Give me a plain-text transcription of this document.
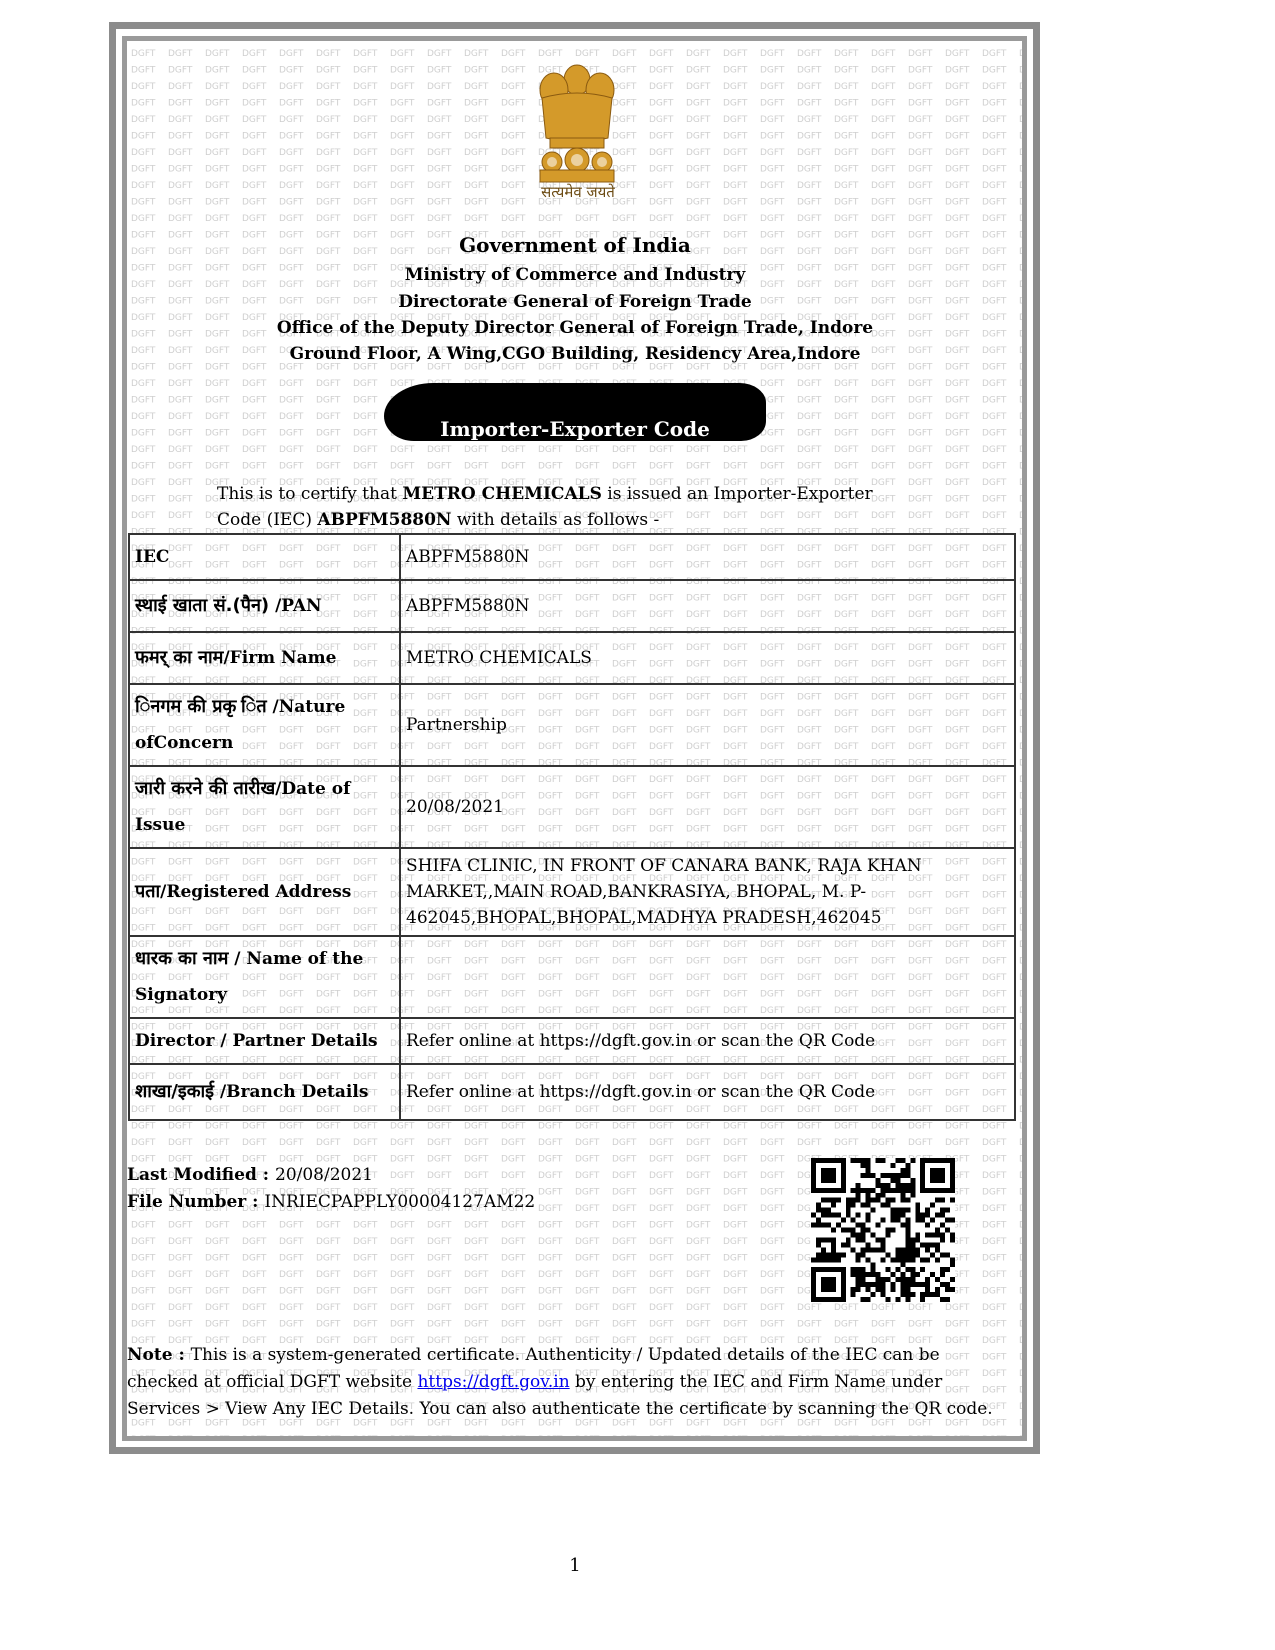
सत्यमेव जयते
Government of India
Ministry of Commerce and Industry
Directorate General of Foreign Trade
Office of the Deputy Director General of Foreign Trade, Indore
Ground Floor, A Wing,CGO Building, Residency Area,Indore
Importer-Exporter Code
This is to certify that METRO CHEMICALS is issued an Importer-Exporter Code (IEC) ABPFM5880N with details as follows -
IEC	ABPFM5880N
स्थाई खाता सं.(पैन) /PAN	ABPFM5880N
फमर् का नाम/Firm Name	METRO CHEMICALS
िनगम की प्रकृ ित /Nature ofConcern	Partnership
जारी करने की तारीख/Date of Issue	20/08/2021
पता/Registered Address	SHIFA CLINIC, IN FRONT OF CANARA BANK, RAJA KHAN MARKET,,MAIN ROAD,BANKRASIYA, BHOPAL, M. P-462045,BHOPAL,BHOPAL,MADHYA PRADESH,462045
धारक का नाम / Name of the Signatory	
Director / Partner Details	Refer online at https://dgft.gov.in or scan the QR Code
शाखा/इकाई /Branch Details	Refer online at https://dgft.gov.in or scan the QR Code
Last Modified : 20/08/2021
File Number : INRIECPAPPLY00004127AM22
Note : This is a system-generated certificate. Authenticity / Updated details of the IEC can be checked at official DGFT website https://dgft.gov.in by entering the IEC and Firm Name under Services > View Any IEC Details. You can also authenticate the certificate by scanning the QR code.
1
